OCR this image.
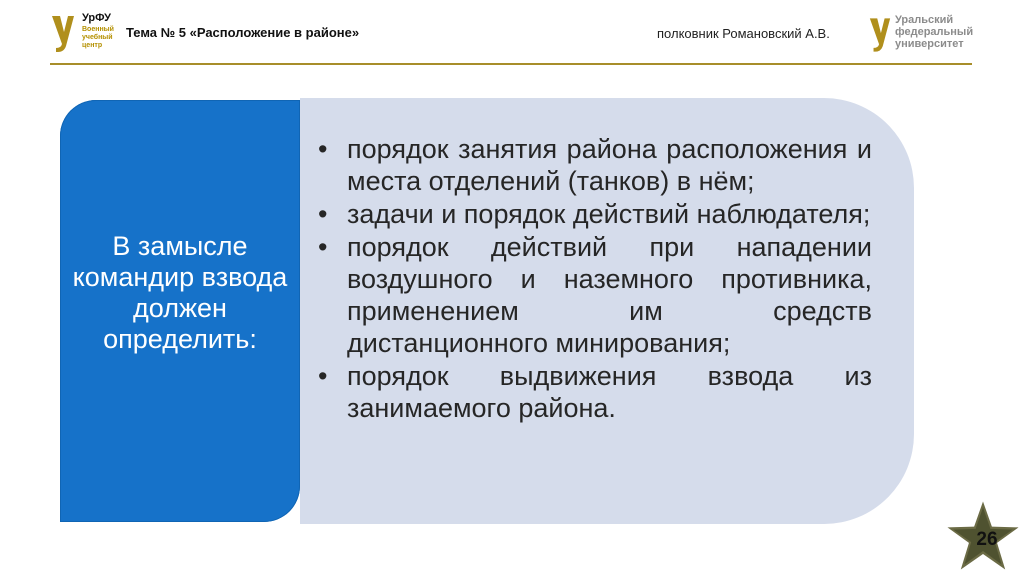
УрФУ
Военный учебный центр
Тема № 5 «Расположение в районе»	полковник Романовский А.В.
Уральский федеральный университет
В замысле командир взвода должен определить:
• порядок занятия района расположения и места отделений (танков) в нём;
• задачи и порядок действий наблюдателя;
• порядок действий при нападении воздушного и наземного противника, применением им средств дистанционного минирования;
• порядок выдвижения взвода из занимаемого района.
26
